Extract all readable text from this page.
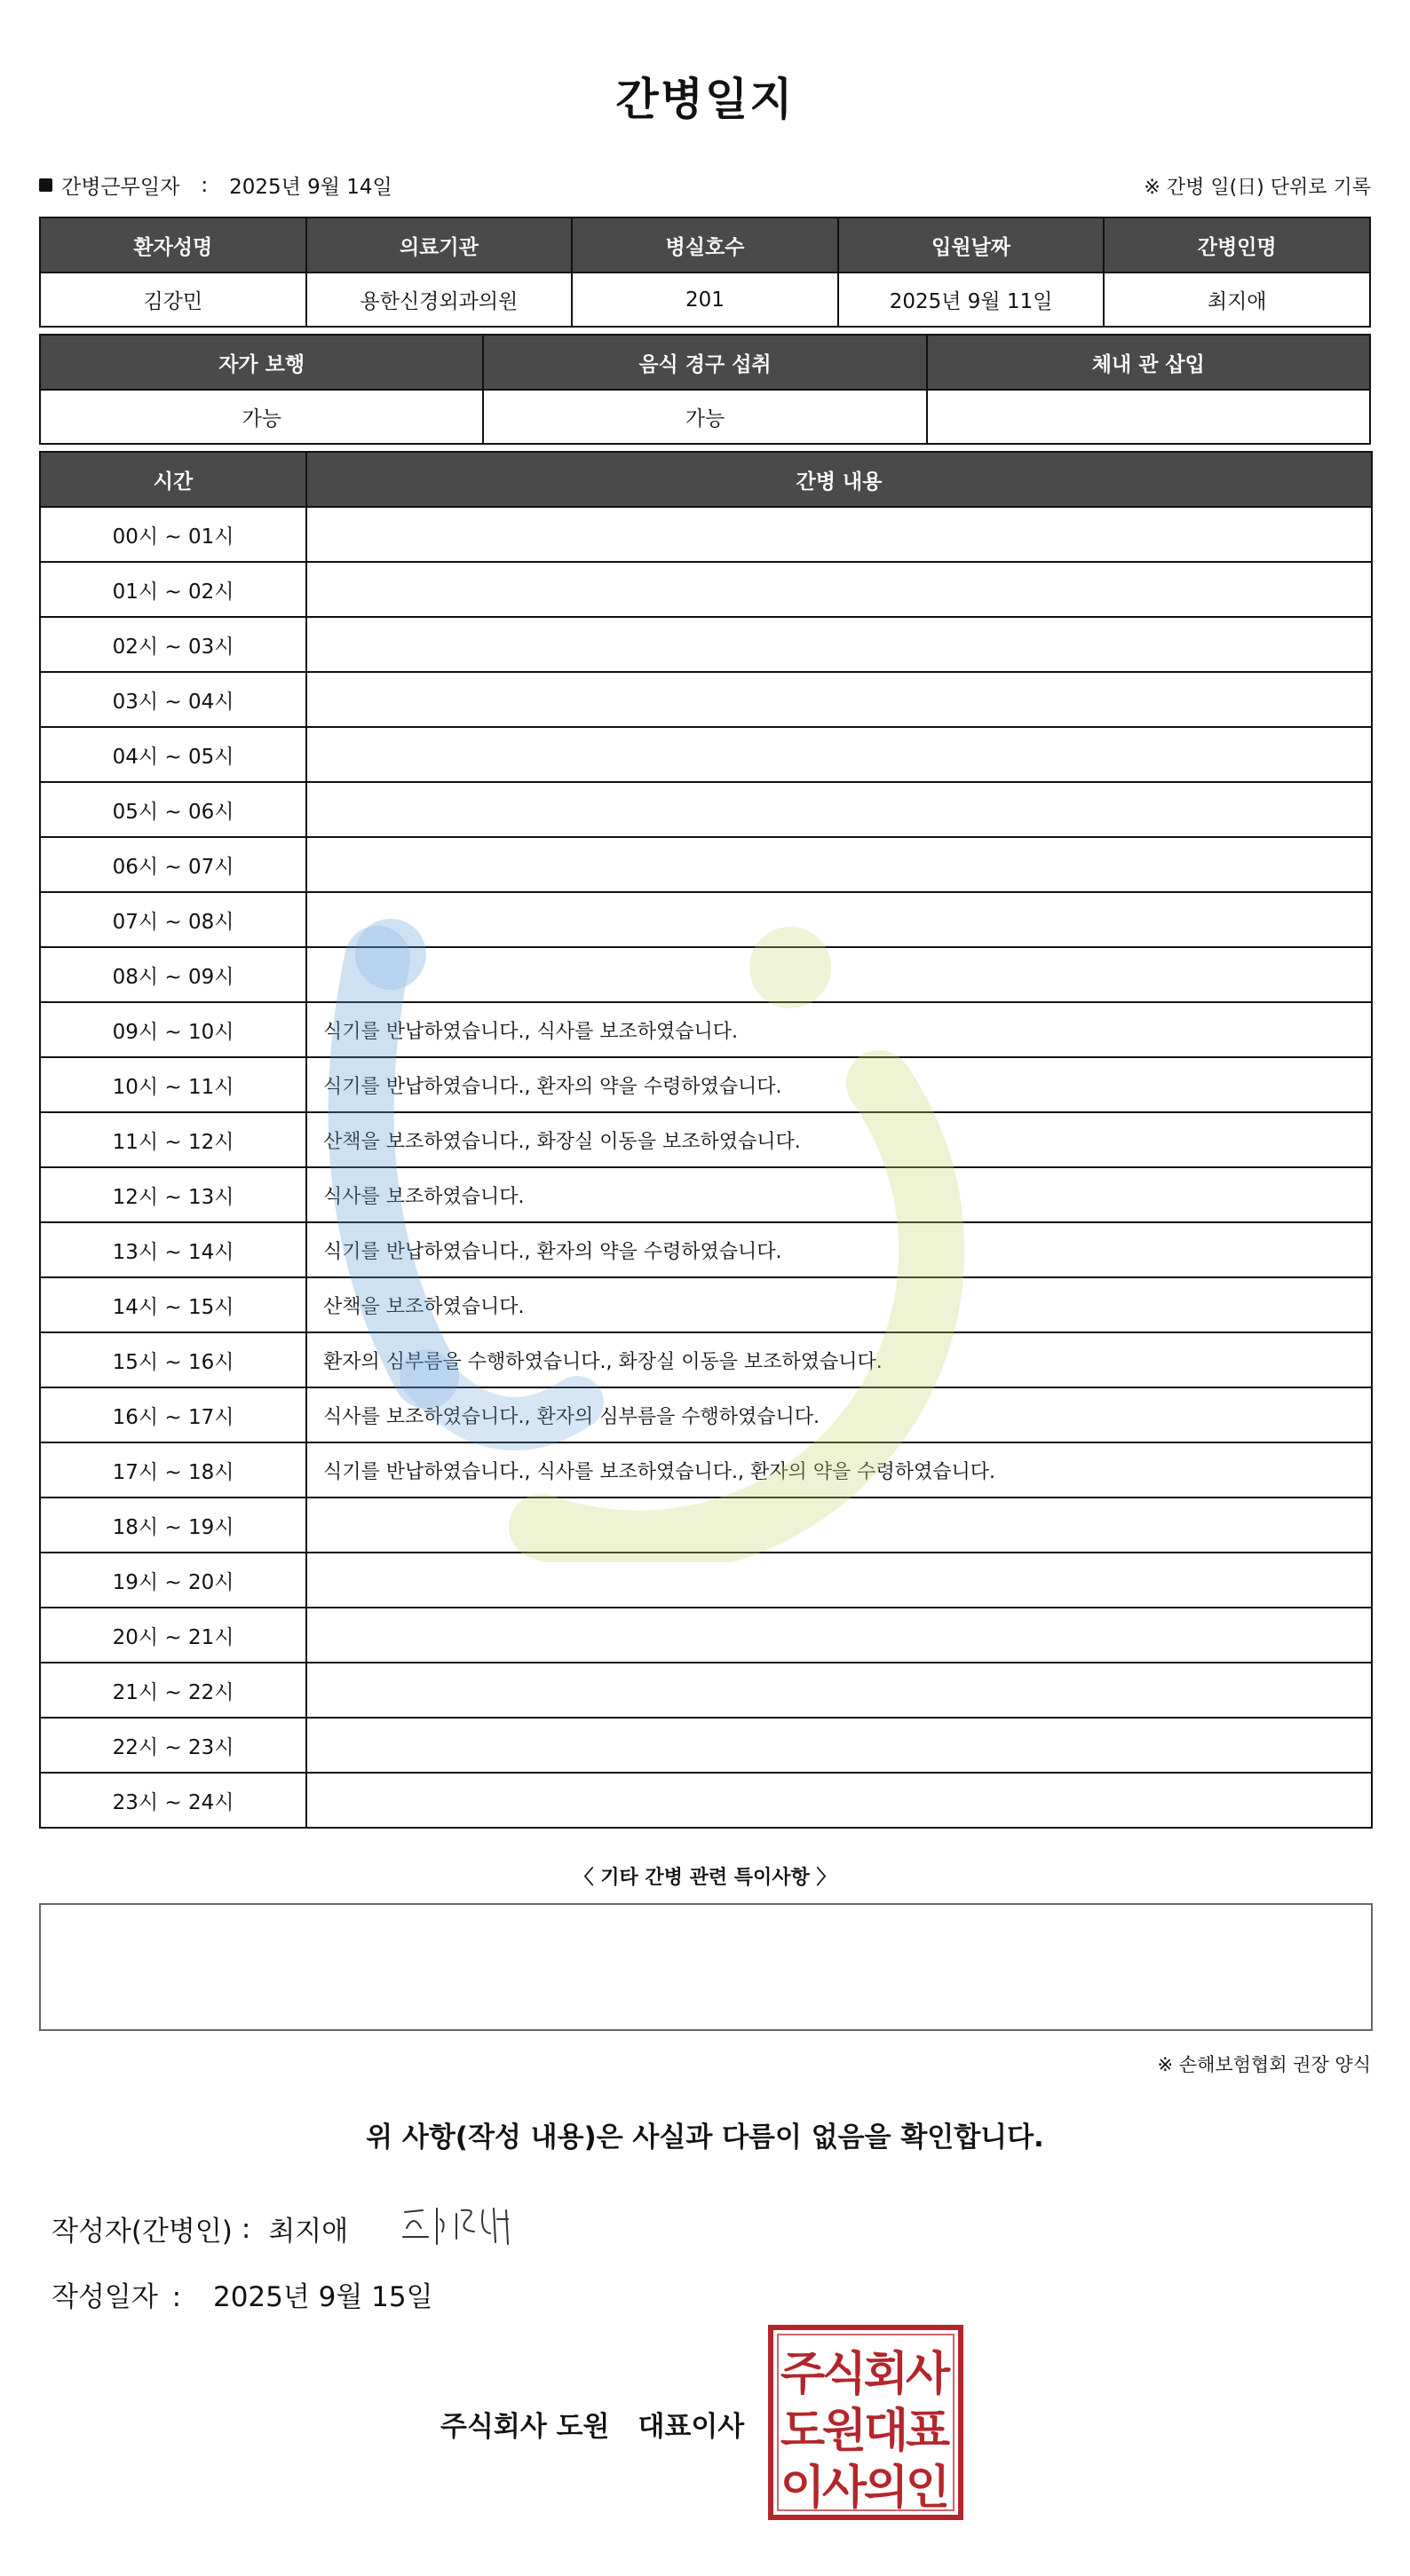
간병일지
간병근무일자 : 2025년 9월 14일	※ 간병 일(日) 단위로 기록
환자성명	의료기관	병실호수	입원날짜	간병인명
김강민	용한신경외과의원	201	2025년 9월 11일	최지애
자가 보행	음식 경구 섭취	체내 관 삽입
가능	가능	
시간	간병 내용
00시 ~ 01시	
01시 ~ 02시	
02시 ~ 03시	
03시 ~ 04시	
04시 ~ 05시	
05시 ~ 06시	
06시 ~ 07시	
07시 ~ 08시	
08시 ~ 09시	
09시 ~ 10시	식기를 반납하였습니다., 식사를 보조하였습니다.
10시 ~ 11시	식기를 반납하였습니다., 환자의 약을 수령하였습니다.
11시 ~ 12시	산책을 보조하였습니다., 화장실 이동을 보조하였습니다.
12시 ~ 13시	식사를 보조하였습니다.
13시 ~ 14시	식기를 반납하였습니다., 환자의 약을 수령하였습니다.
14시 ~ 15시	산책을 보조하였습니다.
15시 ~ 16시	환자의 심부름을 수행하였습니다., 화장실 이동을 보조하였습니다.
16시 ~ 17시	식사를 보조하였습니다., 환자의 심부름을 수행하였습니다.
17시 ~ 18시	식기를 반납하였습니다., 식사를 보조하였습니다., 환자의 약을 수령하였습니다.
18시 ~ 19시	
19시 ~ 20시	
20시 ~ 21시	
21시 ~ 22시	
22시 ~ 23시	
23시 ~ 24시	
〈 기타 간병 관련 특이사항 〉
※ 손해보험협회 권장 양식
위 사항(작성 내용)은 사실과 다름이 없음을 확인합니다.
작성자(간병인) : 최지애
작성일자 : 2025년 9월 15일
주식회사 도원 대표이사
주
식
회
사
도
원
대
표
이
사
의
인
